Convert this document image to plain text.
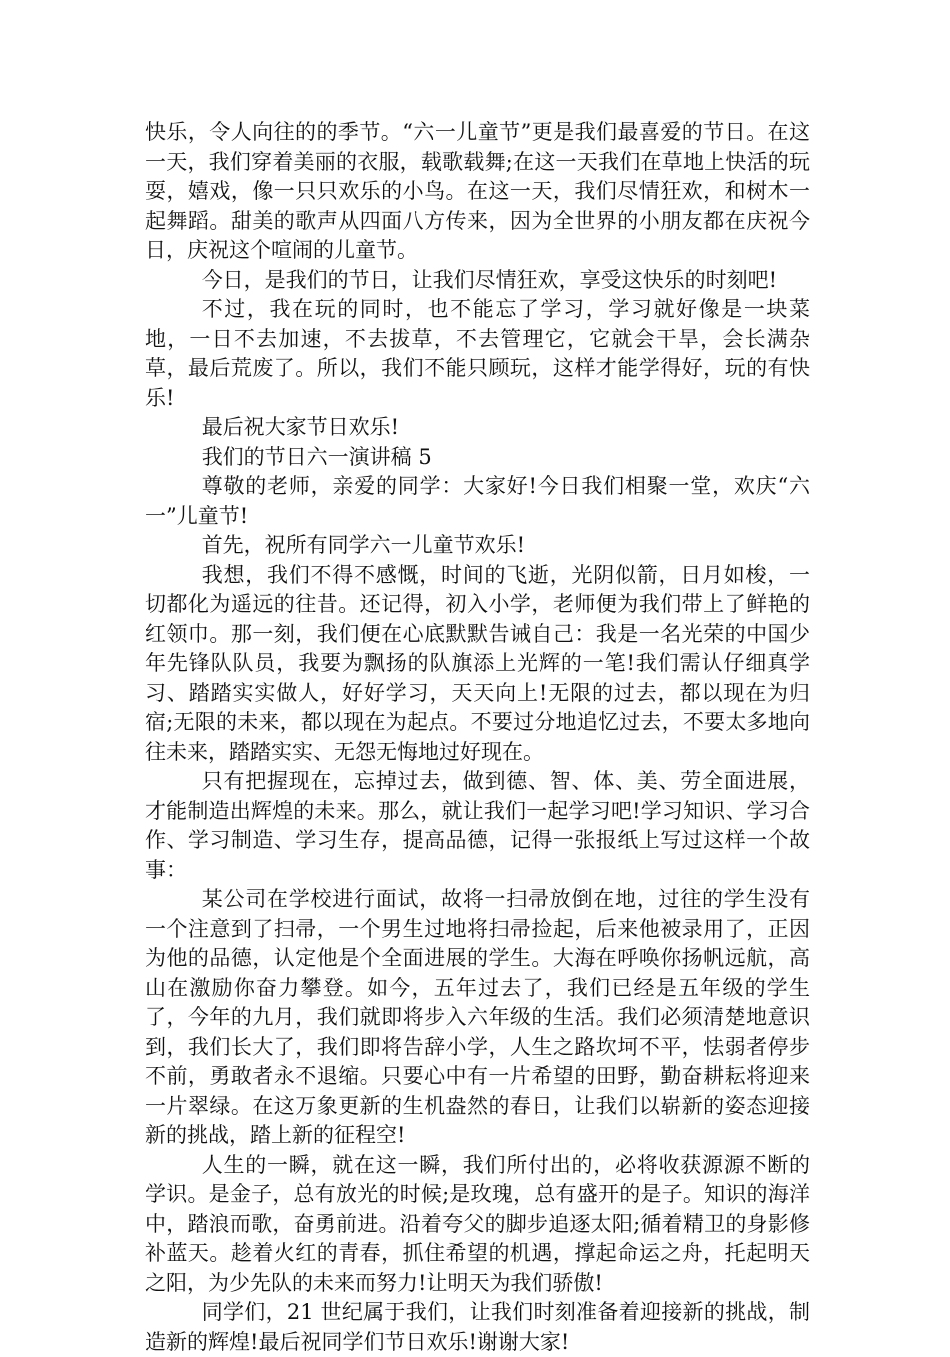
快乐，令人向往的的季节。“六一儿童节”更是我们最喜爱的节日。在这一天，我们穿着美丽的衣服，载歌载舞;在这一天我们在草地上快活的玩耍，嬉戏，像一只只欢乐的小鸟。在这一天，我们尽情狂欢，和树木一起舞蹈。甜美的歌声从四面八方传来，因为全世界的小朋友都在庆祝今日，庆祝这个喧闹的儿童节。

今日，是我们的节日，让我们尽情狂欢，享受这快乐的时刻吧!

不过，我在玩的同时，也不能忘了学习，学习就好像是一块菜地，一日不去加速，不去拔草，不去管理它，它就会干旱，会长满杂草，最后荒废了。所以，我们不能只顾玩，这样才能学得好，玩的有快乐!

最后祝大家节日欢乐!

我们的节日六一演讲稿 5

尊敬的老师，亲爱的同学：大家好!今日我们相聚一堂，欢庆“六一”儿童节!

首先，祝所有同学六一儿童节欢乐!

我想，我们不得不感慨，时间的飞逝，光阴似箭，日月如梭，一切都化为遥远的往昔。还记得，初入小学，老师便为我们带上了鲜艳的红领巾。那一刻，我们便在心底默默告诫自己：我是一名光荣的中国少年先锋队队员，我要为飘扬的队旗添上光辉的一笔!我们需认仔细真学习、踏踏实实做人，好好学习，天天向上!无限的过去，都以现在为归宿;无限的未来，都以现在为起点。不要过分地追忆过去，不要太多地向往未来，踏踏实实、无怨无悔地过好现在。

只有把握现在，忘掉过去，做到德、智、体、美、劳全面进展，才能制造出辉煌的未来。那么，就让我们一起学习吧!学习知识、学习合作、学习制造、学习生存，提高品德，记得一张报纸上写过这样一个故事：

某公司在学校进行面试，故将一扫帚放倒在地，过往的学生没有一个注意到了扫帚，一个男生过地将扫帚捡起，后来他被录用了，正因为他的品德，认定他是个全面进展的学生。大海在呼唤你扬帆远航，高山在激励你奋力攀登。如今，五年过去了，我们已经是五年级的学生了，今年的九月，我们就即将步入六年级的生活。我们必须清楚地意识到，我们长大了，我们即将告辞小学，人生之路坎坷不平，怯弱者停步不前，勇敢者永不退缩。只要心中有一片希望的田野，勤奋耕耘将迎来一片翠绿。在这万象更新的生机盎然的春日，让我们以崭新的姿态迎接新的挑战，踏上新的征程空!

人生的一瞬，就在这一瞬，我们所付出的，必将收获源源不断的学识。是金子，总有放光的时候;是玫瑰，总有盛开的是子。知识的海洋中，踏浪而歌，奋勇前进。沿着夸父的脚步追逐太阳;循着精卫的身影修补蓝天。趁着火红的青春，抓住希望的机遇，撑起命运之舟，托起明天之阳，为少先队的未来而努力!让明天为我们骄傲!

同学们，21 世纪属于我们，让我们时刻准备着迎接新的挑战，制造新的辉煌!最后祝同学们节日欢乐!谢谢大家!
